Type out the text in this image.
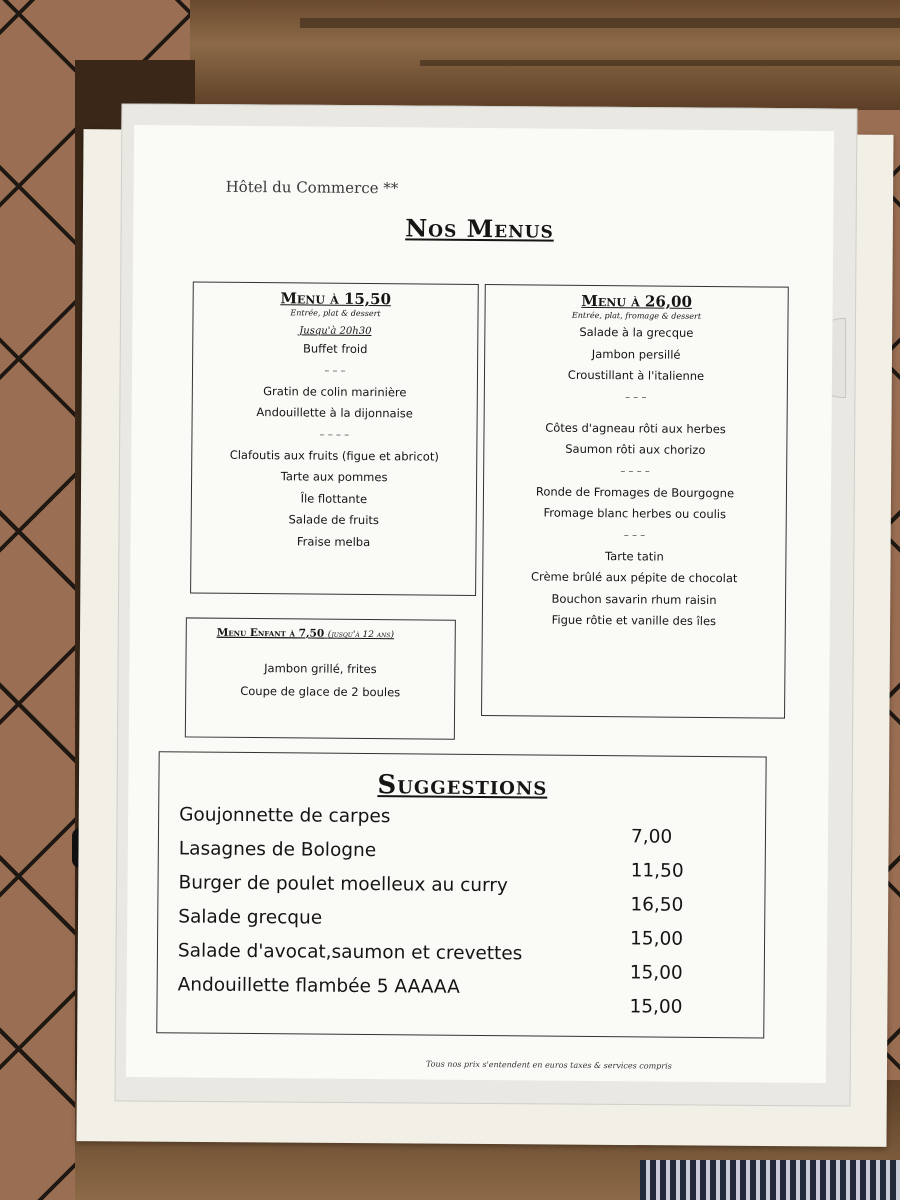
Hôtel du Commerce **
Nos Menus
Menu à 15,50
Entrée, plat & dessert
Jusqu'à 20h30
Buffet froid
– – –
Gratin de colin marinière
Andouillette à la dijonnaise
– – – –
Clafoutis aux fruits (figue et abricot)
Tarte aux pommes
Île flottante
Salade de fruits
Fraise melba
Menu à 26,00
Entrée, plat, fromage & dessert
Salade à la grecque
Jambon persillé
Croustillant à l'italienne
– – –
Côtes d'agneau rôti aux herbes
Saumon rôti aux chorizo
– – – –
Ronde de Fromages de Bourgogne
Fromage blanc herbes ou coulis
– – –
Tarte tatin
Crème brûlé aux pépite de chocolat
Bouchon savarin rhum raisin
Figue rôtie et vanille des îles
Menu Enfant à 7,50 (jusqu'à 12 ans)
Jambon grillé, frites
Coupe de glace de 2 boules
Suggestions
Goujonnette de carpes
7,00
Lasagnes de Bologne
11,50
Burger de poulet moelleux au curry
16,50
Salade grecque
15,00
Salade d'avocat,saumon et crevettes
15,00
Andouillette flambée 5 AAAAA
15,00
Tous nos prix s'entendent en euros taxes & services compris
